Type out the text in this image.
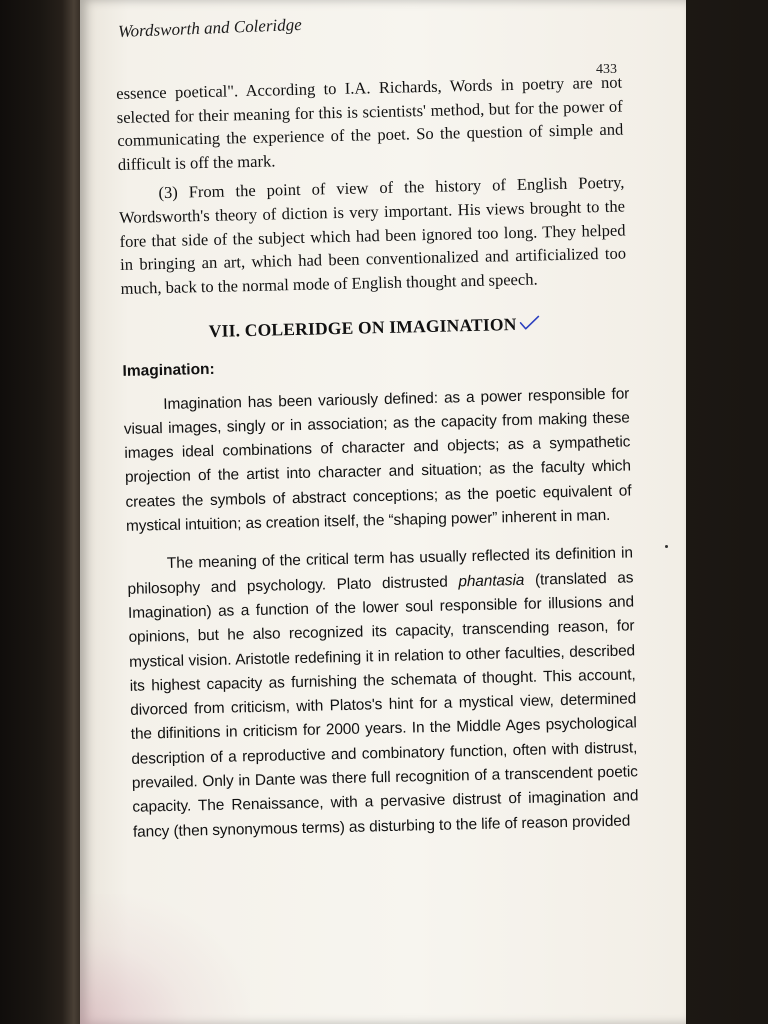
Wordsworth and Coleridge
433

essence poetical". According to I.A. Richards, Words in poetry are not selected for their meaning for this is scientists' method, but for the power of communicating the experience of the poet. So the question of simple and difficult is off the mark.

(3) From the point of view of the history of English Poetry, Wordsworth's theory of diction is very important. His views brought to the fore that side of the subject which had been ignored too long. They helped in bringing an art, which had been conventionalized and artificialized too much, back to the normal mode of English thought and speech.

VII. COLERIDGE ON IMAGINATION
Imagination:

Imagination has been variously defined: as a power responsible for visual images, singly or in association; as the capacity from making these images ideal combinations of character and objects; as a sympathetic projection of the artist into character and situation; as the faculty which creates the symbols of abstract conceptions; as the poetic equivalent of mystical intuition; as creation itself, the “shaping power” inherent in man.

The meaning of the critical term has usually reflected its definition in philosophy and psychology. Plato distrusted phantasia (translated as Imagination) as a function of the lower soul responsible for illusions and opinions, but he also recognized its capacity, transcending reason, for mystical vision. Aristotle redefining it in relation to other faculties, described its highest capacity as furnishing the schemata of thought. This account, divorced from criticism, with Platos's hint for a mystical view, determined the difinitions in criticism for 2000 years. In the Middle Ages psychological description of a reproductive and combinatory function, often with distrust, prevailed. Only in Dante was there full recognition of a transcendent poetic capacity. The Renaissance, with a pervasive distrust of imagination and fancy (then synonymous terms) as disturbing to the life of reason provided
